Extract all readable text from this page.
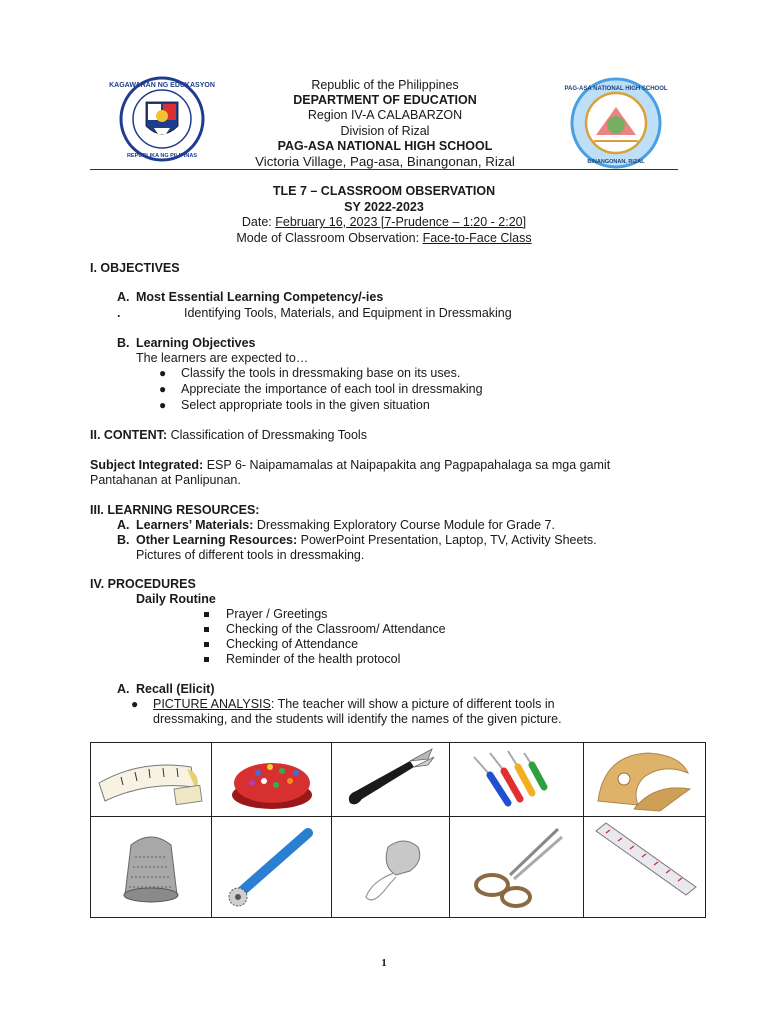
KAGAWARAN NG EDUKASYON
REPUBLIKA NG PILIPINAS
Republic of the Philippines
DEPARTMENT OF EDUCATION
Region IV-A CALABARZON
Division of Rizal
PAG-ASA NATIONAL HIGH SCHOOL
Victoria Village, Pag-asa, Binangonan, Rizal
PAG-ASA NATIONAL HIGH SCHOOL
BINANGONAN, RIZAL
TLE 7 – CLASSROOM OBSERVATION
SY 2022-2023
Date: February 16, 2023 [7-Prudence – 1:20 - 2:20]
Mode of Classroom Observation: Face-to-Face Class
I. OBJECTIVES
A. Most Essential Learning Competency/-ies
.	Identifying Tools, Materials, and Equipment in Dressmaking
B. Learning Objectives
The learners are expected to…
● Classify the tools in dressmaking base on its uses.
● Appreciate the importance of each tool in dressmaking
● Select appropriate tools in the given situation
II. CONTENT: Classification of Dressmaking Tools
Subject Integrated: ESP 6- Naipamamalas at Naipapakita ang Pagpapahalaga sa mga gamit
Pantahanan at Panlipunan.
III. LEARNING RESOURCES:
A. Learners’ Materials: Dressmaking Exploratory Course Module for Grade 7.
B. Other Learning Resources: PowerPoint Presentation, Laptop, TV, Activity Sheets.
Pictures of different tools in dressmaking.
IV. PROCEDURES
Daily Routine
Prayer / Greetings
Checking of the Classroom/ Attendance
Checking of Attendance
Reminder of the health protocol
A. Recall (Elicit)
● PICTURE ANALYSIS: The teacher will show a picture of different tools in
dressmaking, and the students will identify the names of the given picture.
1
